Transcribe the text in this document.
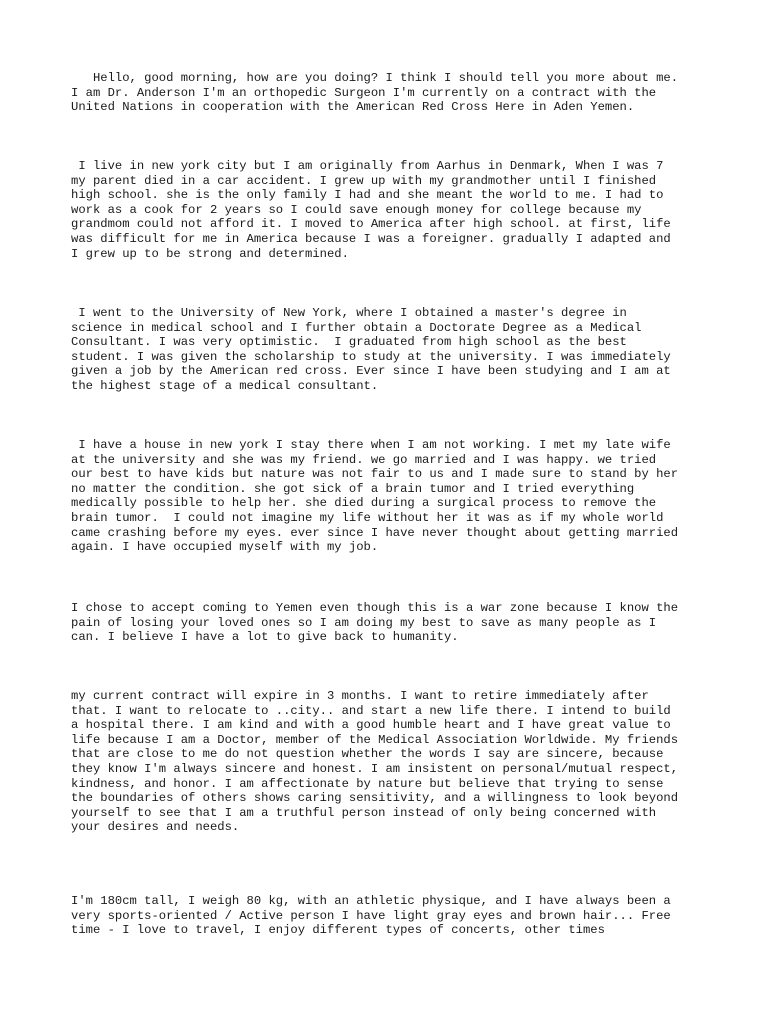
Hello, good morning, how are you doing? I think I should tell you more about me.
I am Dr. Anderson I'm an orthopedic Surgeon I'm currently on a contract with the
United Nations in cooperation with the American Red Cross Here in Aden Yemen.

I live in new york city but I am originally from Aarhus in Denmark, When I was 7
my parent died in a car accident. I grew up with my grandmother until I finished
high school. she is the only family I had and she meant the world to me. I had to
work as a cook for 2 years so I could save enough money for college because my
grandmom could not afford it. I moved to America after high school. at first, life
was difficult for me in America because I was a foreigner. gradually I adapted and
I grew up to be strong and determined.

I went to the University of New York, where I obtained a master's degree in
science in medical school and I further obtain a Doctorate Degree as a Medical
Consultant. I was very optimistic.  I graduated from high school as the best
student. I was given the scholarship to study at the university. I was immediately
given a job by the American red cross. Ever since I have been studying and I am at
the highest stage of a medical consultant.

I have a house in new york I stay there when I am not working. I met my late wife
at the university and she was my friend. we go married and I was happy. we tried
our best to have kids but nature was not fair to us and I made sure to stand by her
no matter the condition. she got sick of a brain tumor and I tried everything
medically possible to help her. she died during a surgical process to remove the
brain tumor.  I could not imagine my life without her it was as if my whole world
came crashing before my eyes. ever since I have never thought about getting married
again. I have occupied myself with my job.

I chose to accept coming to Yemen even though this is a war zone because I know the
pain of losing your loved ones so I am doing my best to save as many people as I
can. I believe I have a lot to give back to humanity.

my current contract will expire in 3 months. I want to retire immediately after
that. I want to relocate to ..city.. and start a new life there. I intend to build
a hospital there. I am kind and with a good humble heart and I have great value to
life because I am a Doctor, member of the Medical Association Worldwide. My friends
that are close to me do not question whether the words I say are sincere, because
they know I'm always sincere and honest. I am insistent on personal/mutual respect,
kindness, and honor. I am affectionate by nature but believe that trying to sense
the boundaries of others shows caring sensitivity, and a willingness to look beyond
yourself to see that I am a truthful person instead of only being concerned with
your desires and needs.

I'm 180cm tall, I weigh 80 kg, with an athletic physique, and I have always been a
very sports-oriented / Active person I have light gray eyes and brown hair... Free
time - I love to travel, I enjoy different types of concerts, other times
